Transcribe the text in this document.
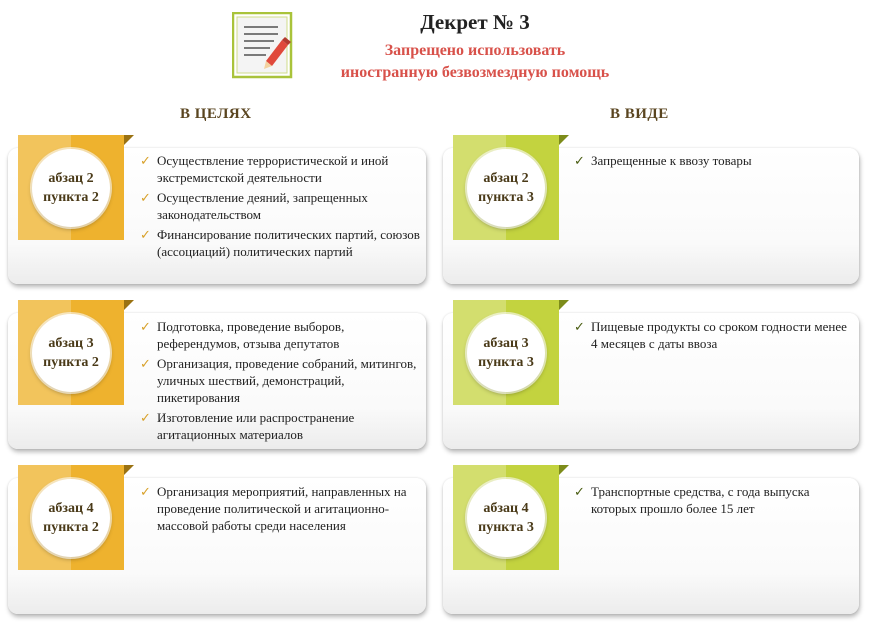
Декрет № 3
Запрещено использовать
иностранную безвозмездную помощь
В ЦЕЛЯХ	В ВИДЕ
абзац 2
пункта 2
✓ Осуществление террористической и иной экстремистской деятельности
✓ Осуществление деяний, запрещенных законодательством
✓ Финансирование политических партий, союзов (ассоциаций) политических партий
абзац 2
пункта 3
✓ Запрещенные к ввозу товары
абзац 3
пункта 2
✓ Подготовка, проведение выборов, референдумов, отзыва депутатов
✓ Организация, проведение собраний, митингов, уличных шествий, демонстраций, пикетирования
✓ Изготовление или распространение агитационных материалов
абзац 3
пункта 3
✓ Пищевые продукты со сроком годности менее 4 месяцев с даты ввоза
абзац 4
пункта 2
✓ Организация мероприятий, направленных на проведение политической и агитационно-массовой работы среди населения
абзац 4
пункта 3
✓ Транспортные средства, с года выпуска которых прошло более 15 лет
